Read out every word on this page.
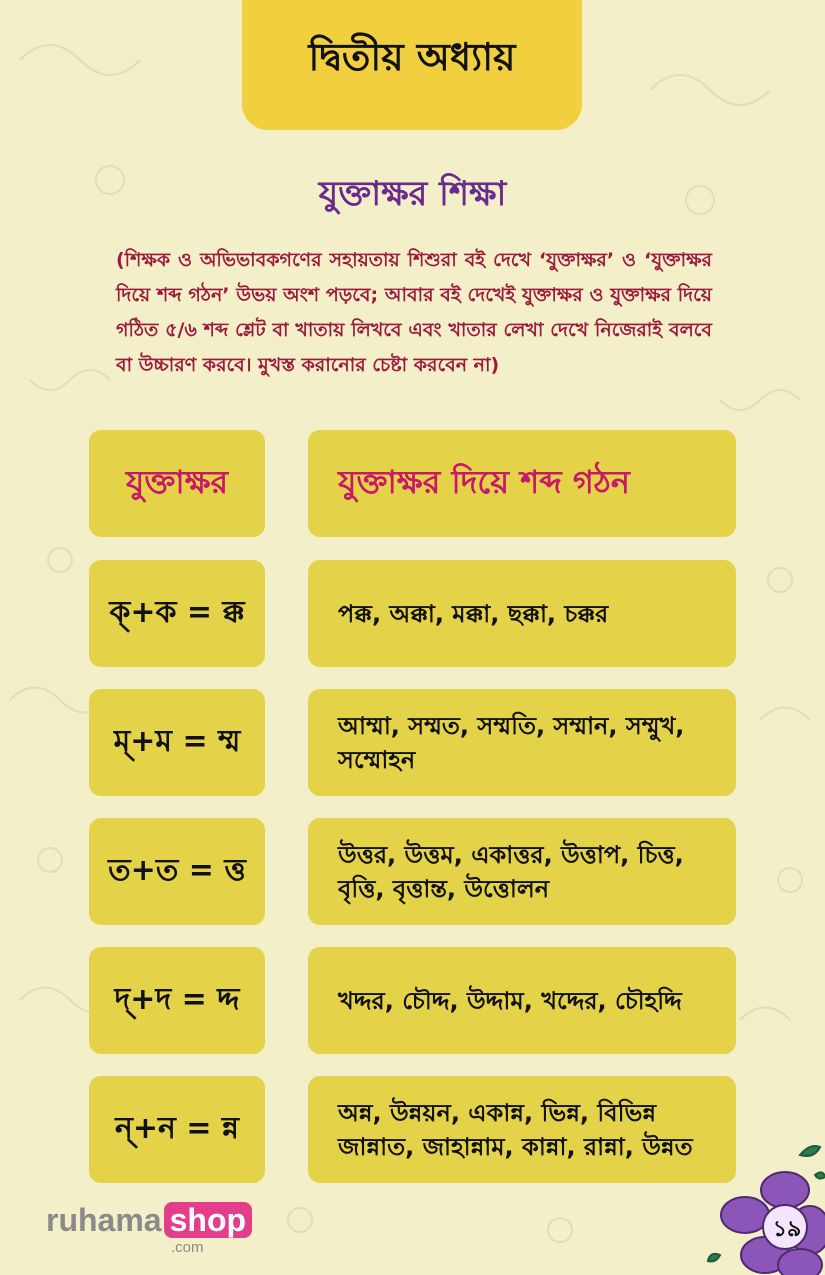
দ্বিতীয় অধ্যায়
যুক্তাক্ষর শিক্ষা
(শিক্ষক ও অভিভাবকগণের সহায়তায় শিশুরা বই দেখে ‘যুক্তাক্ষর’ ও ‘যুক্তাক্ষর দিয়ে শব্দ গঠন’ উভয় অংশ পড়বে; আবার বই দেখেই যুক্তাক্ষর ও যুক্তাক্ষর দিয়ে গঠিত ৫/৬ শব্দ শ্লেট বা খাতায় লিখবে এবং খাতার লেখা দেখে নিজেরাই বলবে বা উচ্চারণ করবে। মুখস্ত করানোর চেষ্টা করবেন না)
যুক্তাক্ষর	যুক্তাক্ষর দিয়ে শব্দ গঠন
ক্+ক = ক্ক	পক্ক, অক্কা, মক্কা, ছক্কা, চক্কর
ম্+ম = ম্ম	আম্মা, সম্মত, সম্মতি, সম্মান, সম্মুখ, সম্মোহন
ত+ত = ত্ত	উত্তর, উত্তম, একাত্তর, উত্তাপ, চিত্ত, বৃত্তি, বৃত্তান্ত, উত্তোলন
দ্+দ = দ্দ	খদ্দর, চৌদ্দ, উদ্দাম, খদ্দের, চৌহদ্দি
ন্+ন = ন্ন	অন্ন, উন্নয়ন, একান্ন, ভিন্ন, বিভিন্ন জান্নাত, জাহান্নাম, কান্না, রান্না, উন্নত
ruhama shop
.com
১৯
